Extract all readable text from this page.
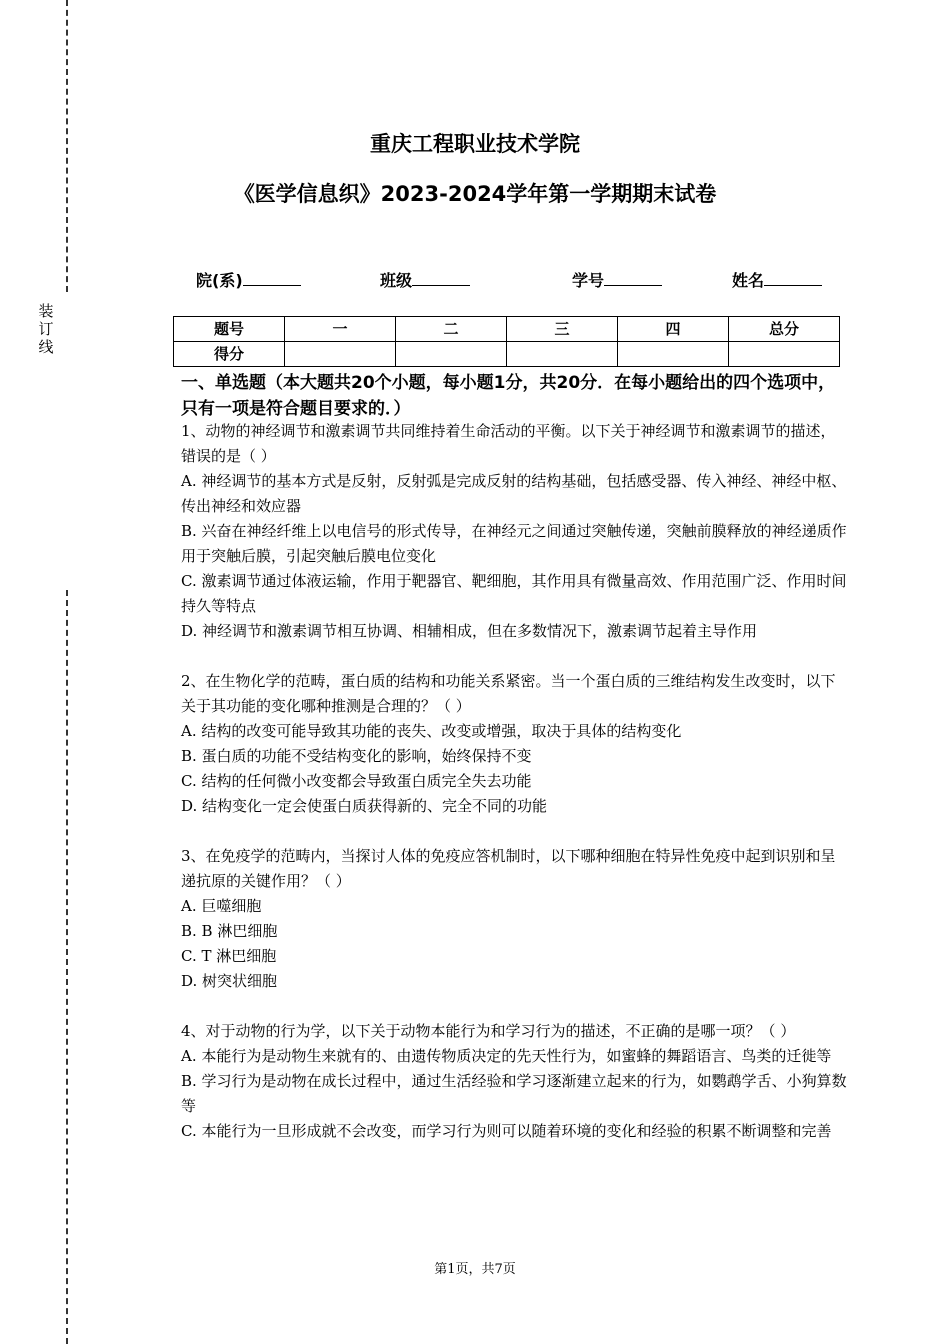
装订线
重庆工程职业技术学院
《医学信息织》2023-2024学年第一学期期末试卷
院(系)	班级	学号	姓名
题号	一	二	三	四	总分
得分					
一、单选题（本大题共20个小题，每小题1分，共20分．在每小题给出的四个选项中，只有一项是符合题目要求的．）

1、动物的神经调节和激素调节共同维持着生命活动的平衡。以下关于神经调节和激素调节的描述，错误的是（ ）

A. 神经调节的基本方式是反射，反射弧是完成反射的结构基础，包括感受器、传入神经、神经中枢、传出神经和效应器

B. 兴奋在神经纤维上以电信号的形式传导，在神经元之间通过突触传递，突触前膜释放的神经递质作用于突触后膜，引起突触后膜电位变化

C. 激素调节通过体液运输，作用于靶器官、靶细胞，其作用具有微量高效、作用范围广泛、作用时间持久等特点

D. 神经调节和激素调节相互协调、相辅相成，但在多数情况下，激素调节起着主导作用

2、在生物化学的范畴，蛋白质的结构和功能关系紧密。当一个蛋白质的三维结构发生改变时，以下关于其功能的变化哪种推测是合理的？（ ）

A. 结构的改变可能导致其功能的丧失、改变或增强，取决于具体的结构变化

B. 蛋白质的功能不受结构变化的影响，始终保持不变

C. 结构的任何微小改变都会导致蛋白质完全失去功能

D. 结构变化一定会使蛋白质获得新的、完全不同的功能

3、在免疫学的范畴内，当探讨人体的免疫应答机制时，以下哪种细胞在特异性免疫中起到识别和呈递抗原的关键作用？（ ）

A. 巨噬细胞

B. B 淋巴细胞

C. T 淋巴细胞

D. 树突状细胞

4、对于动物的行为学，以下关于动物本能行为和学习行为的描述，不正确的是哪一项？（ ）

A. 本能行为是动物生来就有的、由遗传物质决定的先天性行为，如蜜蜂的舞蹈语言、鸟类的迁徙等

B. 学习行为是动物在成长过程中，通过生活经验和学习逐渐建立起来的行为，如鹦鹉学舌、小狗算数等

C. 本能行为一旦形成就不会改变，而学习行为则可以随着环境的变化和经验的积累不断调整和完善

第1页，共7页
